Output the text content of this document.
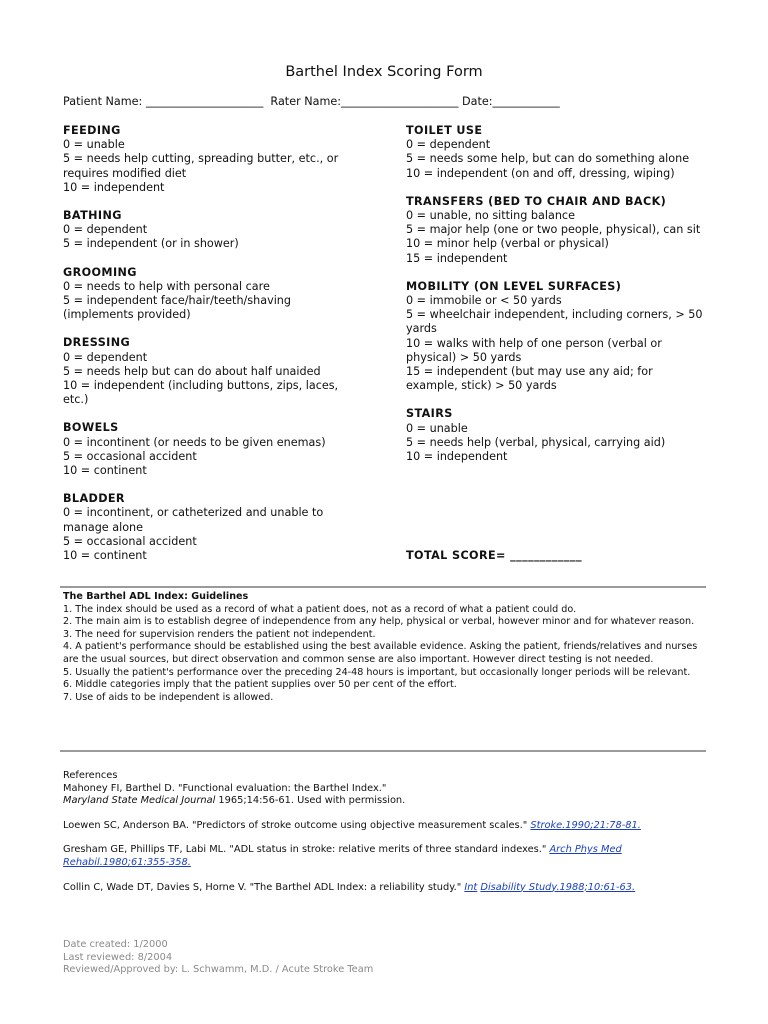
Barthel Index Scoring Form
Patient Name: _____________________  Rater Name:_____________________ Date:____________
FEEDING
0 = unable
5 = needs help cutting, spreading butter, etc., or requires modified diet
10 = independent
BATHING
0 = dependent
5 = independent (or in shower)
GROOMING
0 = needs to help with personal care
5 = independent face/hair/teeth/shaving (implements provided)
DRESSING
0 = dependent
5 = needs help but can do about half unaided
10 = independent (including buttons, zips, laces, etc.)
BOWELS
0 = incontinent (or needs to be given enemas)
5 = occasional accident
10 = continent
BLADDER
0 = incontinent, or catheterized and unable to manage alone
5 = occasional accident
10 = continent
TOILET USE
0 = dependent
5 = needs some help, but can do something alone
10 = independent (on and off, dressing, wiping)
TRANSFERS (BED TO CHAIR AND BACK)
0 = unable, no sitting balance
5 = major help (one or two people, physical), can sit
10 = minor help (verbal or physical)
15 = independent
MOBILITY (ON LEVEL SURFACES)
0 = immobile or < 50 yards
5 = wheelchair independent, including corners, > 50 yards
10 = walks with help of one person (verbal or physical) > 50 yards
15 = independent (but may use any aid; for example, stick) > 50 yards
STAIRS
0 = unable
5 = needs help (verbal, physical, carrying aid)
10 = independent
TOTAL SCORE= ____________
The Barthel ADL Index: Guidelines
1. The index should be used as a record of what a patient does, not as a record of what a patient could do.
2. The main aim is to establish degree of independence from any help, physical or verbal, however minor and for whatever reason.
3. The need for supervision renders the patient not independent.
4. A patient's performance should be established using the best available evidence. Asking the patient, friends/relatives and nurses are the usual sources, but direct observation and common sense are also important. However direct testing is not needed.
5. Usually the patient's performance over the preceding 24-48 hours is important, but occasionally longer periods will be relevant.
6. Middle categories imply that the patient supplies over 50 per cent of the effort.
7. Use of aids to be independent is allowed.
References
Mahoney FI, Barthel D. "Functional evaluation: the Barthel Index."
Maryland State Medical Journal 1965;14:56-61. Used with permission.
Loewen SC, Anderson BA. "Predictors of stroke outcome using objective measurement scales." Stroke.1990;21:78-81.
Gresham GE, Phillips TF, Labi ML. "ADL status in stroke: relative merits of three standard indexes." Arch Phys Med Rehabil.1980;61:355-358.
Collin C, Wade DT, Davies S, Horne V. "The Barthel ADL Index: a reliability study." Int Disability Study.1988;10:61-63.
Date created: 1/2000
Last reviewed: 8/2004
Reviewed/Approved by: L. Schwamm, M.D. / Acute Stroke Team
